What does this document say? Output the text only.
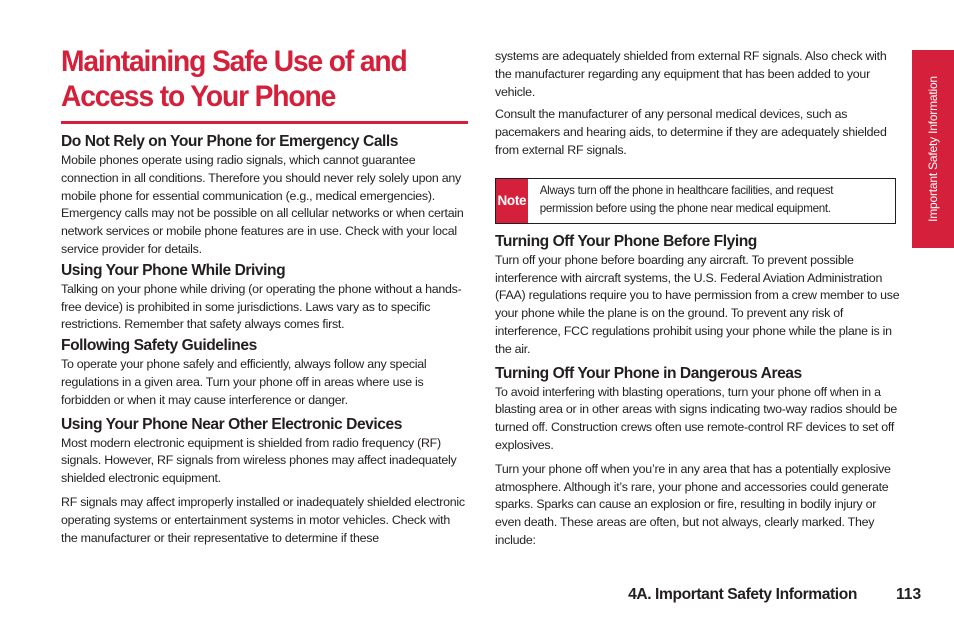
Maintaining Safe Use of and Access to Your Phone
Do Not Rely on Your Phone for Emergency Calls

Mobile phones operate using radio signals, which cannot guarantee connection in all conditions. Therefore you should never rely solely upon any mobile phone for essential communication (e.g., medical emergencies). Emergency calls may not be possible on all cellular networks or when certain network services or mobile phone features are in use. Check with your local service provider for details.

Using Your Phone While Driving

Talking on your phone while driving (or operating the phone without a hands-free device) is prohibited in some jurisdictions. Laws vary as to specific restrictions. Remember that safety always comes first.

Following Safety Guidelines

To operate your phone safely and efficiently, always follow any special regulations in a given area. Turn your phone off in areas where use is forbidden or when it may cause interference or danger.

Using Your Phone Near Other Electronic Devices

Most modern electronic equipment is shielded from radio frequency (RF) signals. However, RF signals from wireless phones may affect inadequately shielded electronic equipment.

RF signals may affect improperly installed or inadequately shielded electronic operating systems or entertainment systems in motor vehicles. Check with the manufacturer or their representative to determine if these

systems are adequately shielded from external RF signals. Also check with the manufacturer regarding any equipment that has been added to your vehicle.

Consult the manufacturer of any personal medical devices, such as pacemakers and hearing aids, to determine if they are adequately shielded from external RF signals.

Note
Always turn off the phone in healthcare facilities, and request permission before using the phone near medical equipment.
Turning Off Your Phone Before Flying

Turn off your phone before boarding any aircraft. To prevent possible interference with aircraft systems, the U.S. Federal Aviation Administration (FAA) regulations require you to have permission from a crew member to use your phone while the plane is on the ground. To prevent any risk of interference, FCC regulations prohibit using your phone while the plane is in the air.

Turning Off Your Phone in Dangerous Areas

To avoid interfering with blasting operations, turn your phone off when in a blasting area or in other areas with signs indicating two-way radios should be turned off. Construction crews often use remote-control RF devices to set off explosives.

Turn your phone off when you’re in any area that has a potentially explosive atmosphere. Although it’s rare, your phone and accessories could generate sparks. Sparks can cause an explosion or fire, resulting in bodily injury or even death. These areas are often, but not always, clearly marked. They include:

Important Safety Information
4A. Important Safety Information	113
